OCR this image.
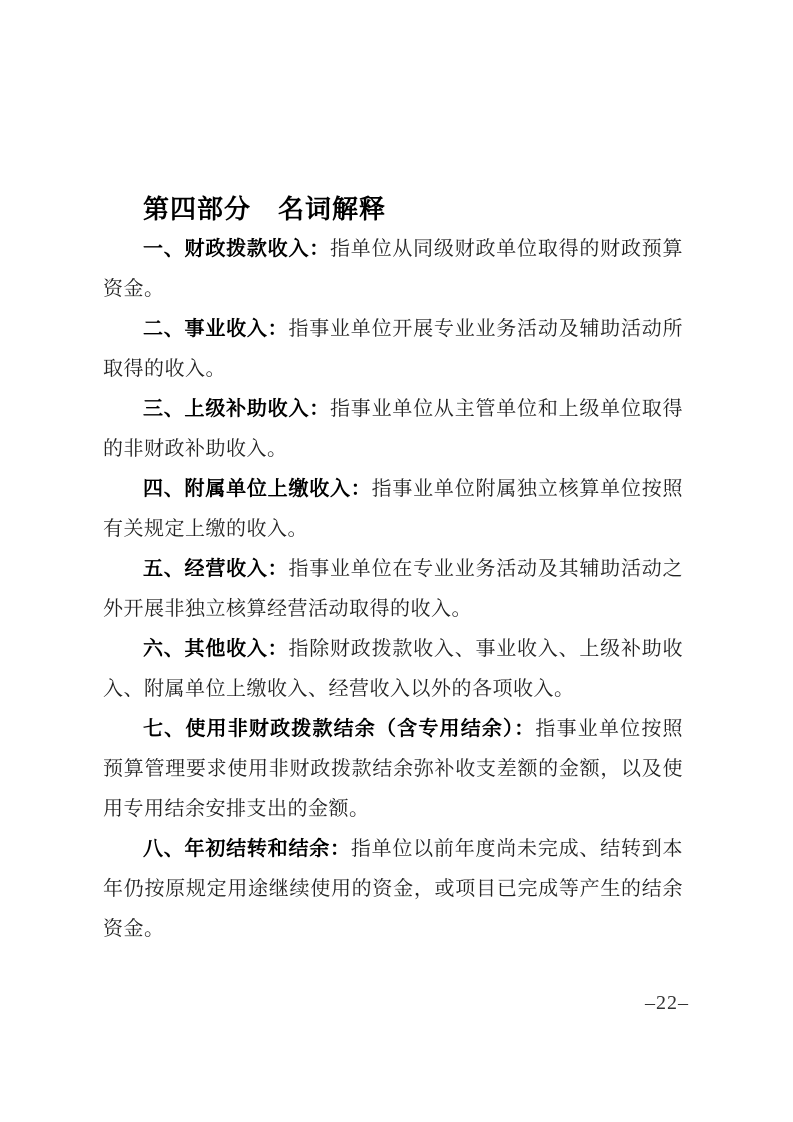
第四部分　名词解释

一、财政拨款收入：指单位从同级财政单位取得的财政预算资金。

二、事业收入：指事业单位开展专业业务活动及辅助活动所取得的收入。

三、上级补助收入：指事业单位从主管单位和上级单位取得的非财政补助收入。

四、附属单位上缴收入：指事业单位附属独立核算单位按照有关规定上缴的收入。

五、经营收入：指事业单位在专业业务活动及其辅助活动之外开展非独立核算经营活动取得的收入。

六、其他收入：指除财政拨款收入、事业收入、上级补助收入、附属单位上缴收入、经营收入以外的各项收入。

七、使用非财政拨款结余（含专用结余）：指事业单位按照预算管理要求使用非财政拨款结余弥补收支差额的金额，以及使用专用结余安排支出的金额。

八、年初结转和结余：指单位以前年度尚未完成、结转到本年仍按原规定用途继续使用的资金，或项目已完成等产生的结余资金。

–22–
